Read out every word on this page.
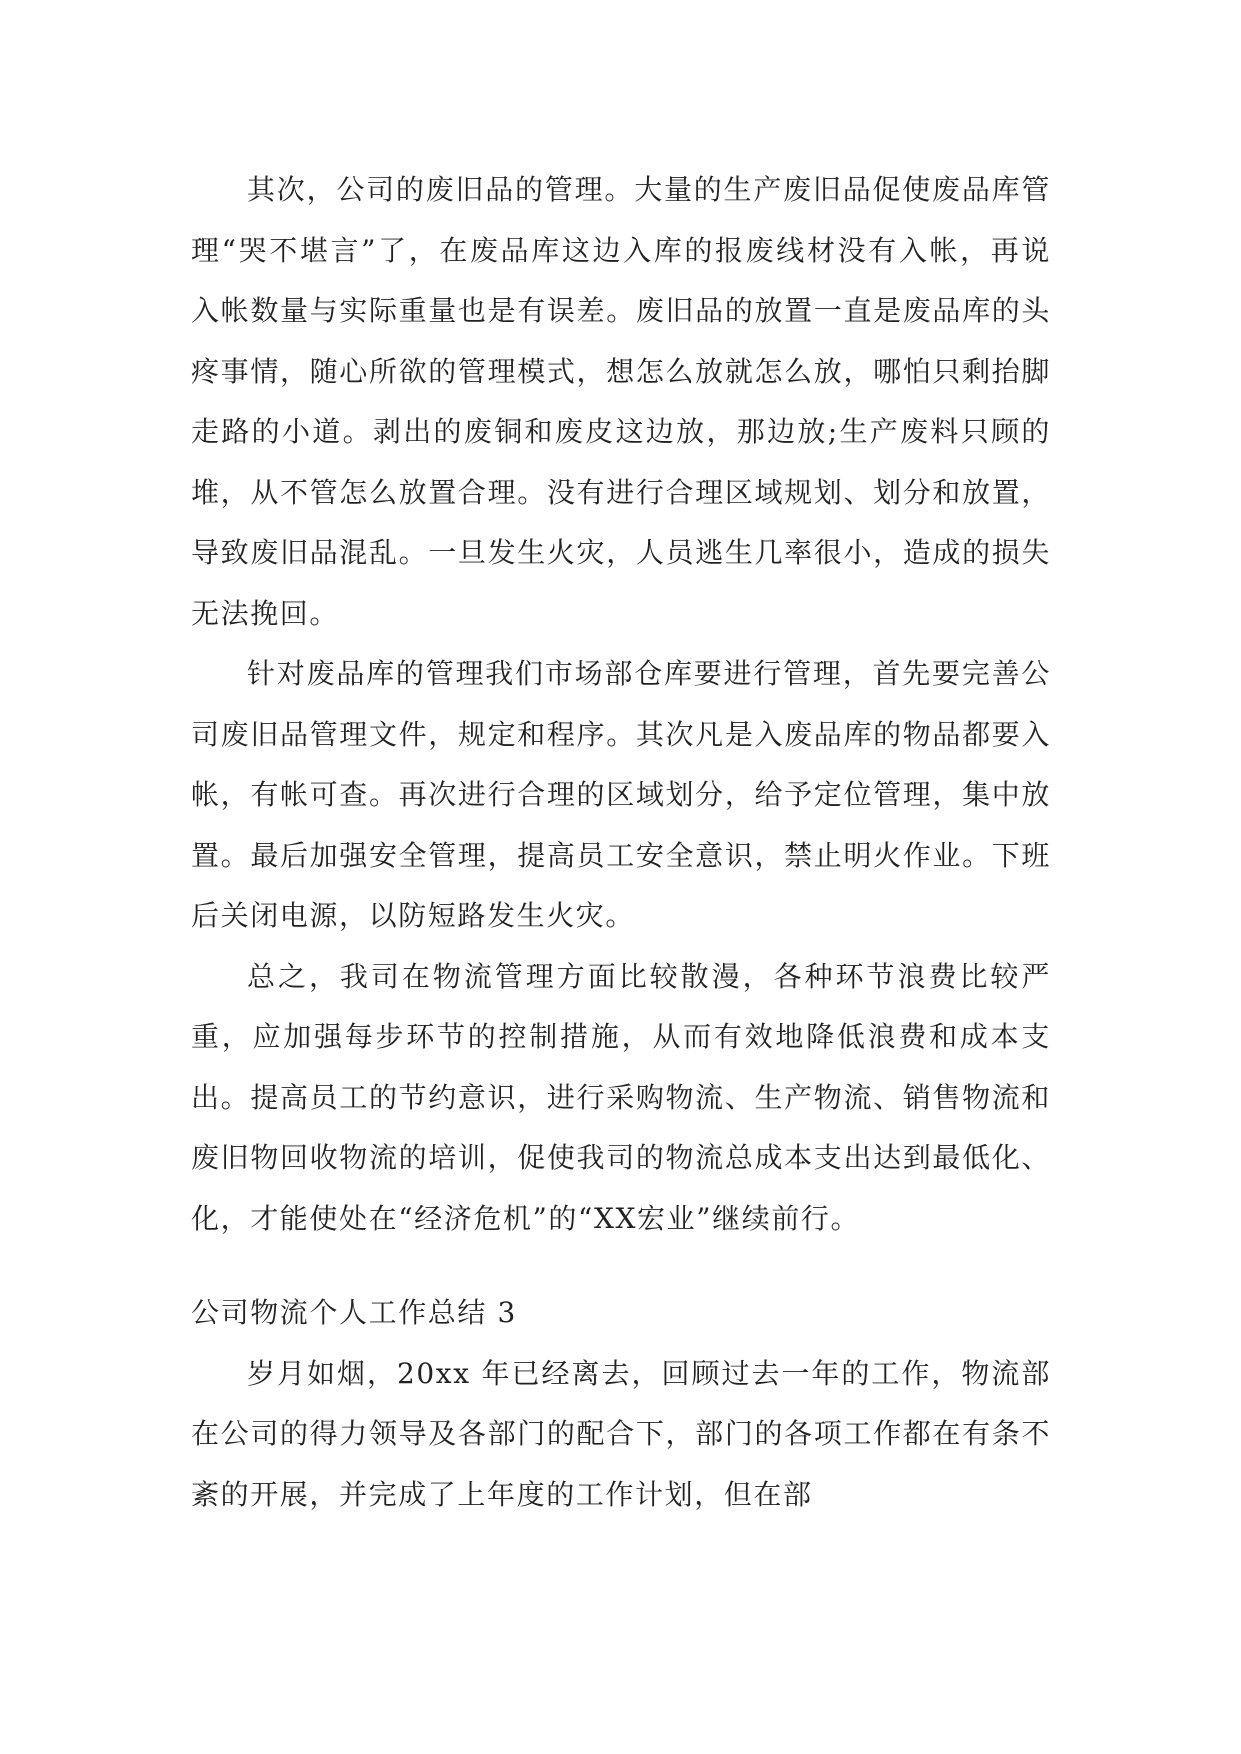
其次，公司的废旧品的管理。大量的生产废旧品促使废品库管理“哭不堪言”了，在废品库这边入库的报废线材没有入帐，再说入帐数量与实际重量也是有误差。废旧品的放置一直是废品库的头疼事情，随心所欲的管理模式，想怎么放就怎么放，哪怕只剩抬脚走路的小道。剥出的废铜和废皮这边放，那边放;生产废料只顾的堆，从不管怎么放置合理。没有进行合理区域规划、划分和放置，导致废旧品混乱。一旦发生火灾，人员逃生几率很小，造成的损失无法挽回。

针对废品库的管理我们市场部仓库要进行管理，首先要完善公司废旧品管理文件，规定和程序。其次凡是入废品库的物品都要入帐，有帐可查。再次进行合理的区域划分，给予定位管理，集中放置。最后加强安全管理，提高员工安全意识，禁止明火作业。下班后关闭电源，以防短路发生火灾。

总之，我司在物流管理方面比较散漫，各种环节浪费比较严重，应加强每步环节的控制措施，从而有效地降低浪费和成本支出。提高员工的节约意识，进行采购物流、生产物流、销售物流和废旧物回收物流的培训，促使我司的物流总成本支出达到最低化、化，才能使处在“经济危机”的“XX宏业”继续前行。

公司物流个人工作总结 3

岁月如烟，20xx 年已经离去，回顾过去一年的工作，物流部在公司的得力领导及各部门的配合下，部门的各项工作都在有条不紊的开展，并完成了上年度的工作计划，但在部
